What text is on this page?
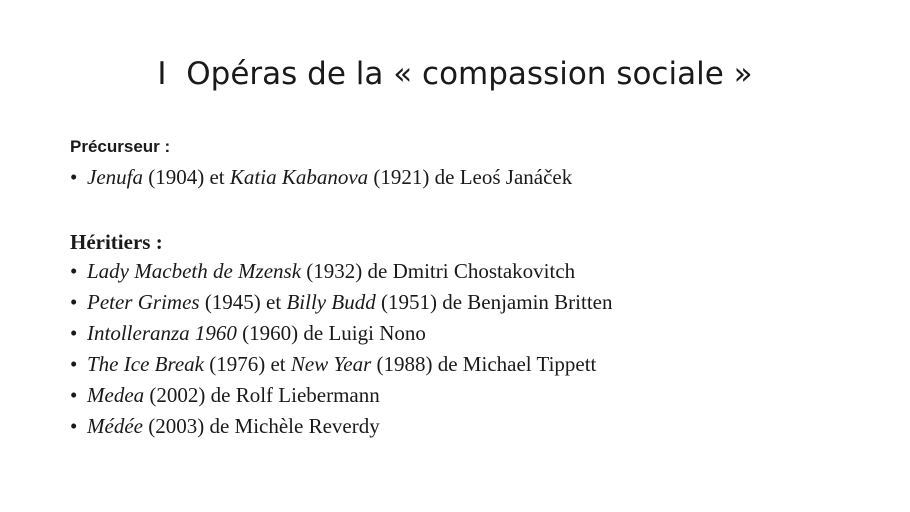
I  Opéras de la « compassion sociale »
Précurseur :
• Jenufa (1904) et Katia Kabanova (1921) de Leoś Janáček
Héritiers :
• Lady Macbeth de Mzensk (1932) de Dmitri Chostakovitch
• Peter Grimes (1945) et Billy Budd (1951) de Benjamin Britten
• Intolleranza 1960 (1960) de Luigi Nono
• The Ice Break (1976) et New Year (1988) de Michael Tippett
• Medea (2002) de Rolf Liebermann
• Médée (2003) de Michèle Reverdy
